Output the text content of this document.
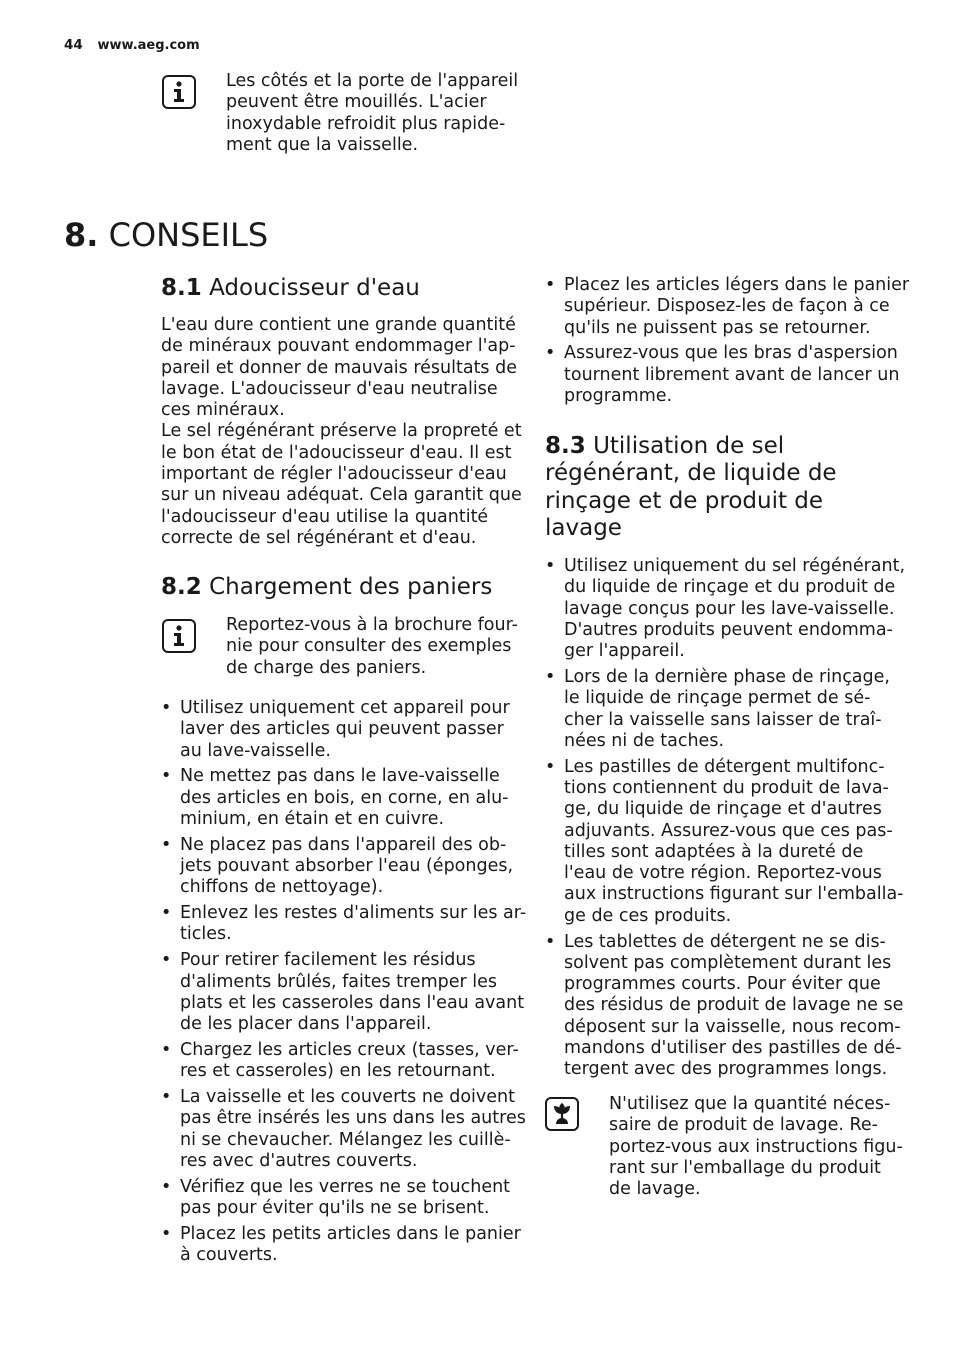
44 www.aeg.com
Les côtés et la porte de l'appareil
peuvent être mouillés. L'acier
inoxydable refroidit plus rapide-
ment que la vaisselle.
8. CONSEILS
8.1 Adoucisseur d'eau
L'eau dure contient une grande quantité
de minéraux pouvant endommager l'ap-
pareil et donner de mauvais résultats de
lavage. L'adoucisseur d'eau neutralise
ces minéraux.
Le sel régénérant préserve la propreté et
le bon état de l'adoucisseur d'eau. Il est
important de régler l'adoucisseur d'eau
sur un niveau adéquat. Cela garantit que
l'adoucisseur d'eau utilise la quantité
correcte de sel régénérant et d'eau.
8.2 Chargement des paniers
Reportez-vous à la brochure four-
nie pour consulter des exemples
de charge des paniers.
• Utilisez uniquement cet appareil pour
laver des articles qui peuvent passer
au lave-vaisselle.
• Ne mettez pas dans le lave-vaisselle
des articles en bois, en corne, en alu-
minium, en étain et en cuivre.
• Ne placez pas dans l'appareil des ob-
jets pouvant absorber l'eau (éponges,
chiffons de nettoyage).
• Enlevez les restes d'aliments sur les ar-
ticles.
• Pour retirer facilement les résidus
d'aliments brûlés, faites tremper les
plats et les casseroles dans l'eau avant
de les placer dans l'appareil.
• Chargez les articles creux (tasses, ver-
res et casseroles) en les retournant.
• La vaisselle et les couverts ne doivent
pas être insérés les uns dans les autres
ni se chevaucher. Mélangez les cuillè-
res avec d'autres couverts.
• Vérifiez que les verres ne se touchent
pas pour éviter qu'ils ne se brisent.
• Placez les petits articles dans le panier
à couverts.
• Placez les articles légers dans le panier
supérieur. Disposez-les de façon à ce
qu'ils ne puissent pas se retourner.
• Assurez-vous que les bras d'aspersion
tournent librement avant de lancer un
programme.
8.3 Utilisation de sel
régénérant, de liquide de
rinçage et de produit de
lavage
• Utilisez uniquement du sel régénérant,
du liquide de rinçage et du produit de
lavage conçus pour les lave-vaisselle.
D'autres produits peuvent endomma-
ger l'appareil.
• Lors de la dernière phase de rinçage,
le liquide de rinçage permet de sé-
cher la vaisselle sans laisser de traî-
nées ni de taches.
• Les pastilles de détergent multifonc-
tions contiennent du produit de lava-
ge, du liquide de rinçage et d'autres
adjuvants. Assurez-vous que ces pas-
tilles sont adaptées à la dureté de
l'eau de votre région. Reportez-vous
aux instructions figurant sur l'emballa-
ge de ces produits.
• Les tablettes de détergent ne se dis-
solvent pas complètement durant les
programmes courts. Pour éviter que
des résidus de produit de lavage ne se
déposent sur la vaisselle, nous recom-
mandons d'utiliser des pastilles de dé-
tergent avec des programmes longs.
N'utilisez que la quantité néces-
saire de produit de lavage. Re-
portez-vous aux instructions figu-
rant sur l'emballage du produit
de lavage.
